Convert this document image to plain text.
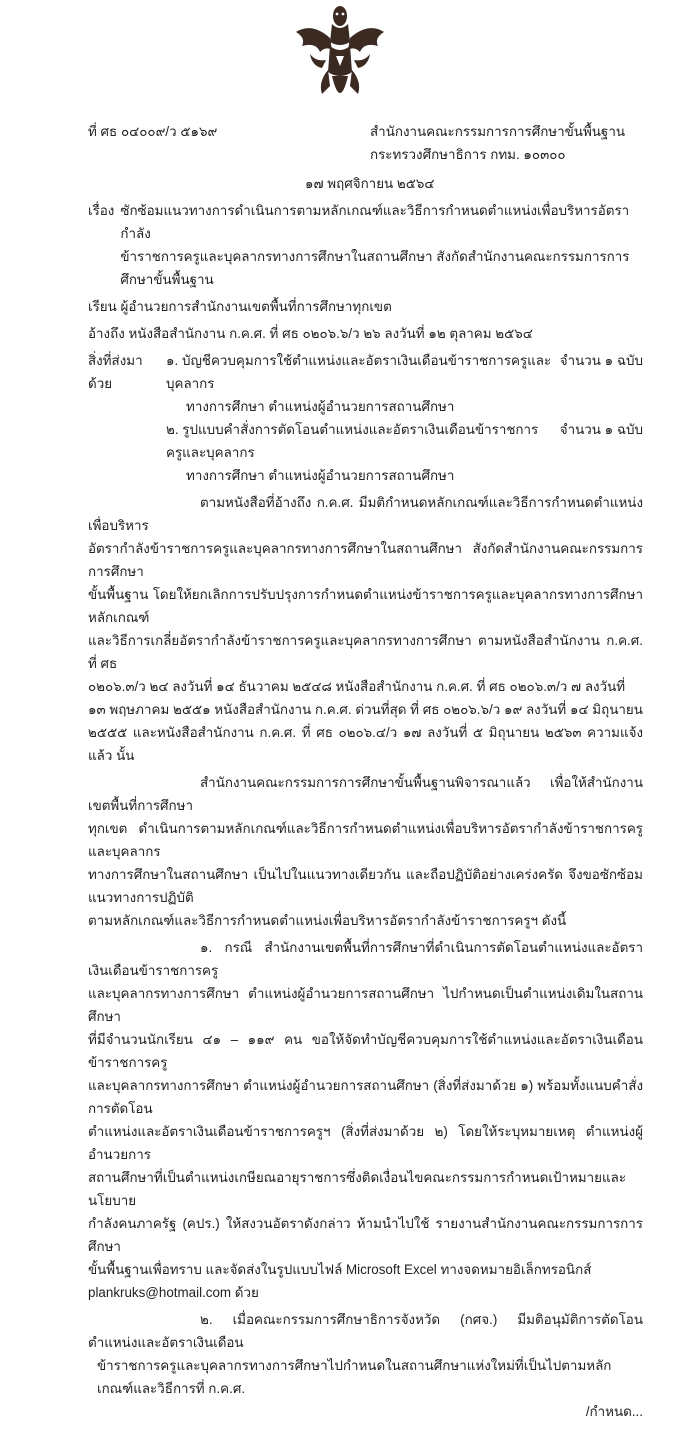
ที่ ศธ ๐๔๐๐๙/ว ๕๑๖๙	สำนักงานคณะกรรมการการศึกษาขั้นพื้นฐาน
กระทรวงศึกษาธิการ กทม. ๑๐๓๐๐
๑๗ พฤศจิกายน ๒๕๖๔
เรื่อง ซักซ้อมแนวทางการดำเนินการตามหลักเกณฑ์และวิธีการกำหนดตำแหน่งเพื่อบริหารอัตรากำลัง
ข้าราชการครูและบุคลากรทางการศึกษาในสถานศึกษา สังกัดสำนักงานคณะกรรมการการศึกษาขั้นพื้นฐาน
เรียน ผู้อำนวยการสำนักงานเขตพื้นที่การศึกษาทุกเขต
อ้างถึง หนังสือสำนักงาน ก.ค.ศ. ที่ ศธ ๐๒๐๖.๖/ว ๒๖ ลงวันที่ ๑๒ ตุลาคม ๒๕๖๔
สิ่งที่ส่งมาด้วย
๑. บัญชีควบคุมการใช้ตำแหน่งและอัตราเงินเดือนข้าราชการครูและบุคลากร
ทางการศึกษา ตำแหน่งผู้อำนวยการสถานศึกษา
จำนวน ๑ ฉบับ
๒. รูปแบบคำสั่งการตัดโอนตำแหน่งและอัตราเงินเดือนข้าราชการครูและบุคลากร
ทางการศึกษา ตำแหน่งผู้อำนวยการสถานศึกษา
จำนวน ๑ ฉบับ
ตามหนังสือที่อ้างถึง ก.ค.ศ. มีมติกำหนดหลักเกณฑ์และวิธีการกำหนดตำแหน่งเพื่อบริหาร
อัตรากำลังข้าราชการครูและบุคลากรทางการศึกษาในสถานศึกษา สังกัดสำนักงานคณะกรรมการการศึกษา
ขั้นพื้นฐาน โดยให้ยกเลิกการปรับปรุงการกำหนดตำแหน่งข้าราชการครูและบุคลากรทางการศึกษา หลักเกณฑ์
และวิธีการเกลี่ยอัตรากำลังข้าราชการครูและบุคลากรทางการศึกษา ตามหนังสือสำนักงาน ก.ค.ศ. ที่ ศธ
๐๒๐๖.๓/ว ๒๔ ลงวันที่ ๑๔ ธันวาคม ๒๕๔๘ หนังสือสำนักงาน ก.ค.ศ. ที่ ศธ ๐๒๐๖.๓/ว ๗ ลงวันที่
๑๓ พฤษภาคม ๒๕๕๑ หนังสือสำนักงาน ก.ค.ศ. ด่วนที่สุด ที่ ศธ ๐๒๐๖.๖/ว ๑๙ ลงวันที่ ๑๔ มิถุนายน
๒๕๕๕ และหนังสือสำนักงาน ก.ค.ศ. ที่ ศธ ๐๒๐๖.๔/ว ๑๗ ลงวันที่ ๕ มิถุนายน ๒๕๖๓ ความแจ้งแล้ว นั้น
สำนักงานคณะกรรมการการศึกษาขั้นพื้นฐานพิจารณาแล้ว เพื่อให้สำนักงานเขตพื้นที่การศึกษา
ทุกเขต ดำเนินการตามหลักเกณฑ์และวิธีการกำหนดตำแหน่งเพื่อบริหารอัตรากำลังข้าราชการครูและบุคลากร
ทางการศึกษาในสถานศึกษา เป็นไปในแนวทางเดียวกัน และถือปฏิบัติอย่างเคร่งครัด จึงขอซักซ้อมแนวทางการปฏิบัติ
ตามหลักเกณฑ์และวิธีการกำหนดตำแหน่งเพื่อบริหารอัตรากำลังข้าราชการครูฯ ดังนี้
๑. กรณี สำนักงานเขตพื้นที่การศึกษาที่ดำเนินการตัดโอนตำแหน่งและอัตราเงินเดือนข้าราชการครู
และบุคลากรทางการศึกษา ตำแหน่งผู้อำนวยการสถานศึกษา ไปกำหนดเป็นตำแหน่งเดิมในสถานศึกษา
ที่มีจำนวนนักเรียน ๔๑ – ๑๑๙ คน ขอให้จัดทำบัญชีควบคุมการใช้ตำแหน่งและอัตราเงินเดือนข้าราชการครู
และบุคลากรทางการศึกษา ตำแหน่งผู้อำนวยการสถานศึกษา (สิ่งที่ส่งมาด้วย ๑) พร้อมทั้งแนบคำสั่งการตัดโอน
ตำแหน่งและอัตราเงินเดือนข้าราชการครูฯ (สิ่งที่ส่งมาด้วย ๒) โดยให้ระบุหมายเหตุ ตำแหน่งผู้อำนวยการ
สถานศึกษาที่เป็นตำแหน่งเกษียณอายุราชการซึ่งติดเงื่อนไขคณะกรรมการกำหนดเป้าหมายและนโยบาย
กำลังคนภาครัฐ (คปร.) ให้สงวนอัตราดังกล่าว ห้ามนำไปใช้ รายงานสำนักงานคณะกรรมการการศึกษา
ขั้นพื้นฐานเพื่อทราบ และจัดส่งในรูปแบบไฟล์ Microsoft Excel ทางจดหมายอิเล็กทรอนิกส์
plankruks@hotmail.com ด้วย
๒. เมื่อคณะกรรมการศึกษาธิการจังหวัด (กศจ.) มีมติอนุมัติการตัดโอนตำแหน่งและอัตราเงินเดือน
ข้าราชการครูและบุคลากรทางการศึกษาไปกำหนดในสถานศึกษาแห่งใหม่ที่เป็นไปตามหลักเกณฑ์และวิธีการที่ ก.ค.ศ.
/กำหนด...
